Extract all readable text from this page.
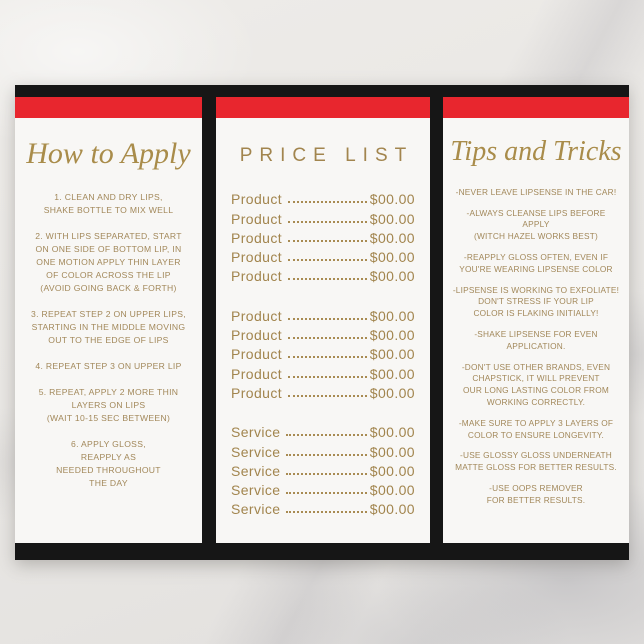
How to Apply

1. CLEAN AND DRY LIPS,
SHAKE BOTTLE TO MIX WELL

2. WITH LIPS SEPARATED, START
ON ONE SIDE OF BOTTOM LIP, IN
ONE MOTION APPLY THIN LAYER
OF COLOR ACROSS THE LIP
(AVOID GOING BACK & FORTH)

3. REPEAT STEP 2 ON UPPER LIPS,
STARTING IN THE MIDDLE MOVING
OUT TO THE EDGE OF LIPS

4. REPEAT STEP 3 ON UPPER LIP

5. REPEAT, APPLY 2 MORE THIN
LAYERS ON LIPS
(WAIT 10-15 SEC BETWEEN)

6. APPLY GLOSS,
REAPPLY AS
NEEDED THROUGHOUT
THE DAY

PRICE LIST
Product	$00.00
Product	$00.00
Product	$00.00
Product	$00.00
Product	$00.00
Product	$00.00
Product	$00.00
Product	$00.00
Product	$00.00
Product	$00.00
Service	$00.00
Service	$00.00
Service	$00.00
Service	$00.00
Service	$00.00
Tips and Tricks

-NEVER LEAVE LIPSENSE IN THE CAR!

-ALWAYS CLEANSE LIPS BEFORE APPLY
(WITCH HAZEL WORKS BEST)

-REAPPLY GLOSS OFTEN, EVEN IF
YOU'RE WEARING LIPSENSE COLOR

-LIPSENSE IS WORKING TO EXFOLIATE!
DON'T STRESS IF YOUR LIP
COLOR IS FLAKING INITIALLY!

-SHAKE LIPSENSE FOR EVEN APPLICATION.

-DON'T USE OTHER BRANDS, EVEN
CHAPSTICK, IT WILL PREVENT
OUR LONG LASTING COLOR FROM
WORKING CORRECTLY.

-MAKE SURE TO APPLY 3 LAYERS OF
COLOR TO ENSURE LONGEVITY.

-USE GLOSSY GLOSS UNDERNEATH
MATTE GLOSS FOR BETTER RESULTS.

-USE OOPS REMOVER
FOR BETTER RESULTS.
